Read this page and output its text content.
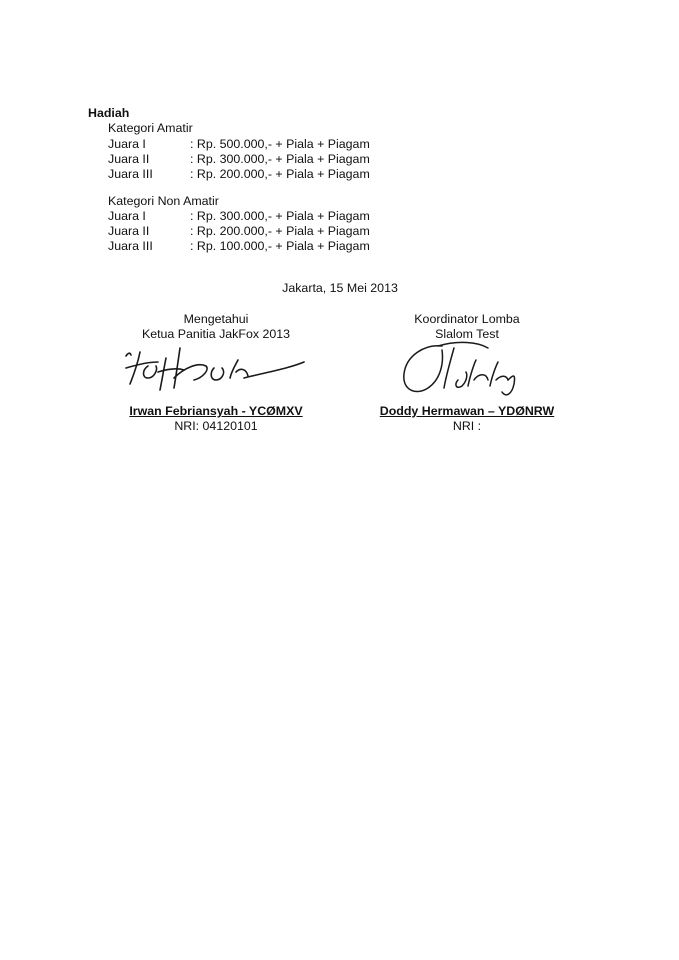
Hadiah
Kategori Amatir
Juara I	: Rp. 500.000,- + Piala + Piagam
Juara II	: Rp. 300.000,- + Piala + Piagam
Juara III	: Rp. 200.000,- + Piala + Piagam
Kategori Non Amatir
Juara I	: Rp. 300.000,- + Piala + Piagam
Juara II	: Rp. 200.000,- + Piala + Piagam
Juara III	: Rp. 100.000,- + Piala + Piagam
Jakarta, 15 Mei 2013
Mengetahui
Ketua Panitia JakFox 2013
Irwan Febriansyah - YCØMXV
NRI: 04120101
Koordinator Lomba
Slalom Test
Doddy Hermawan – YDØNRW
NRI :
